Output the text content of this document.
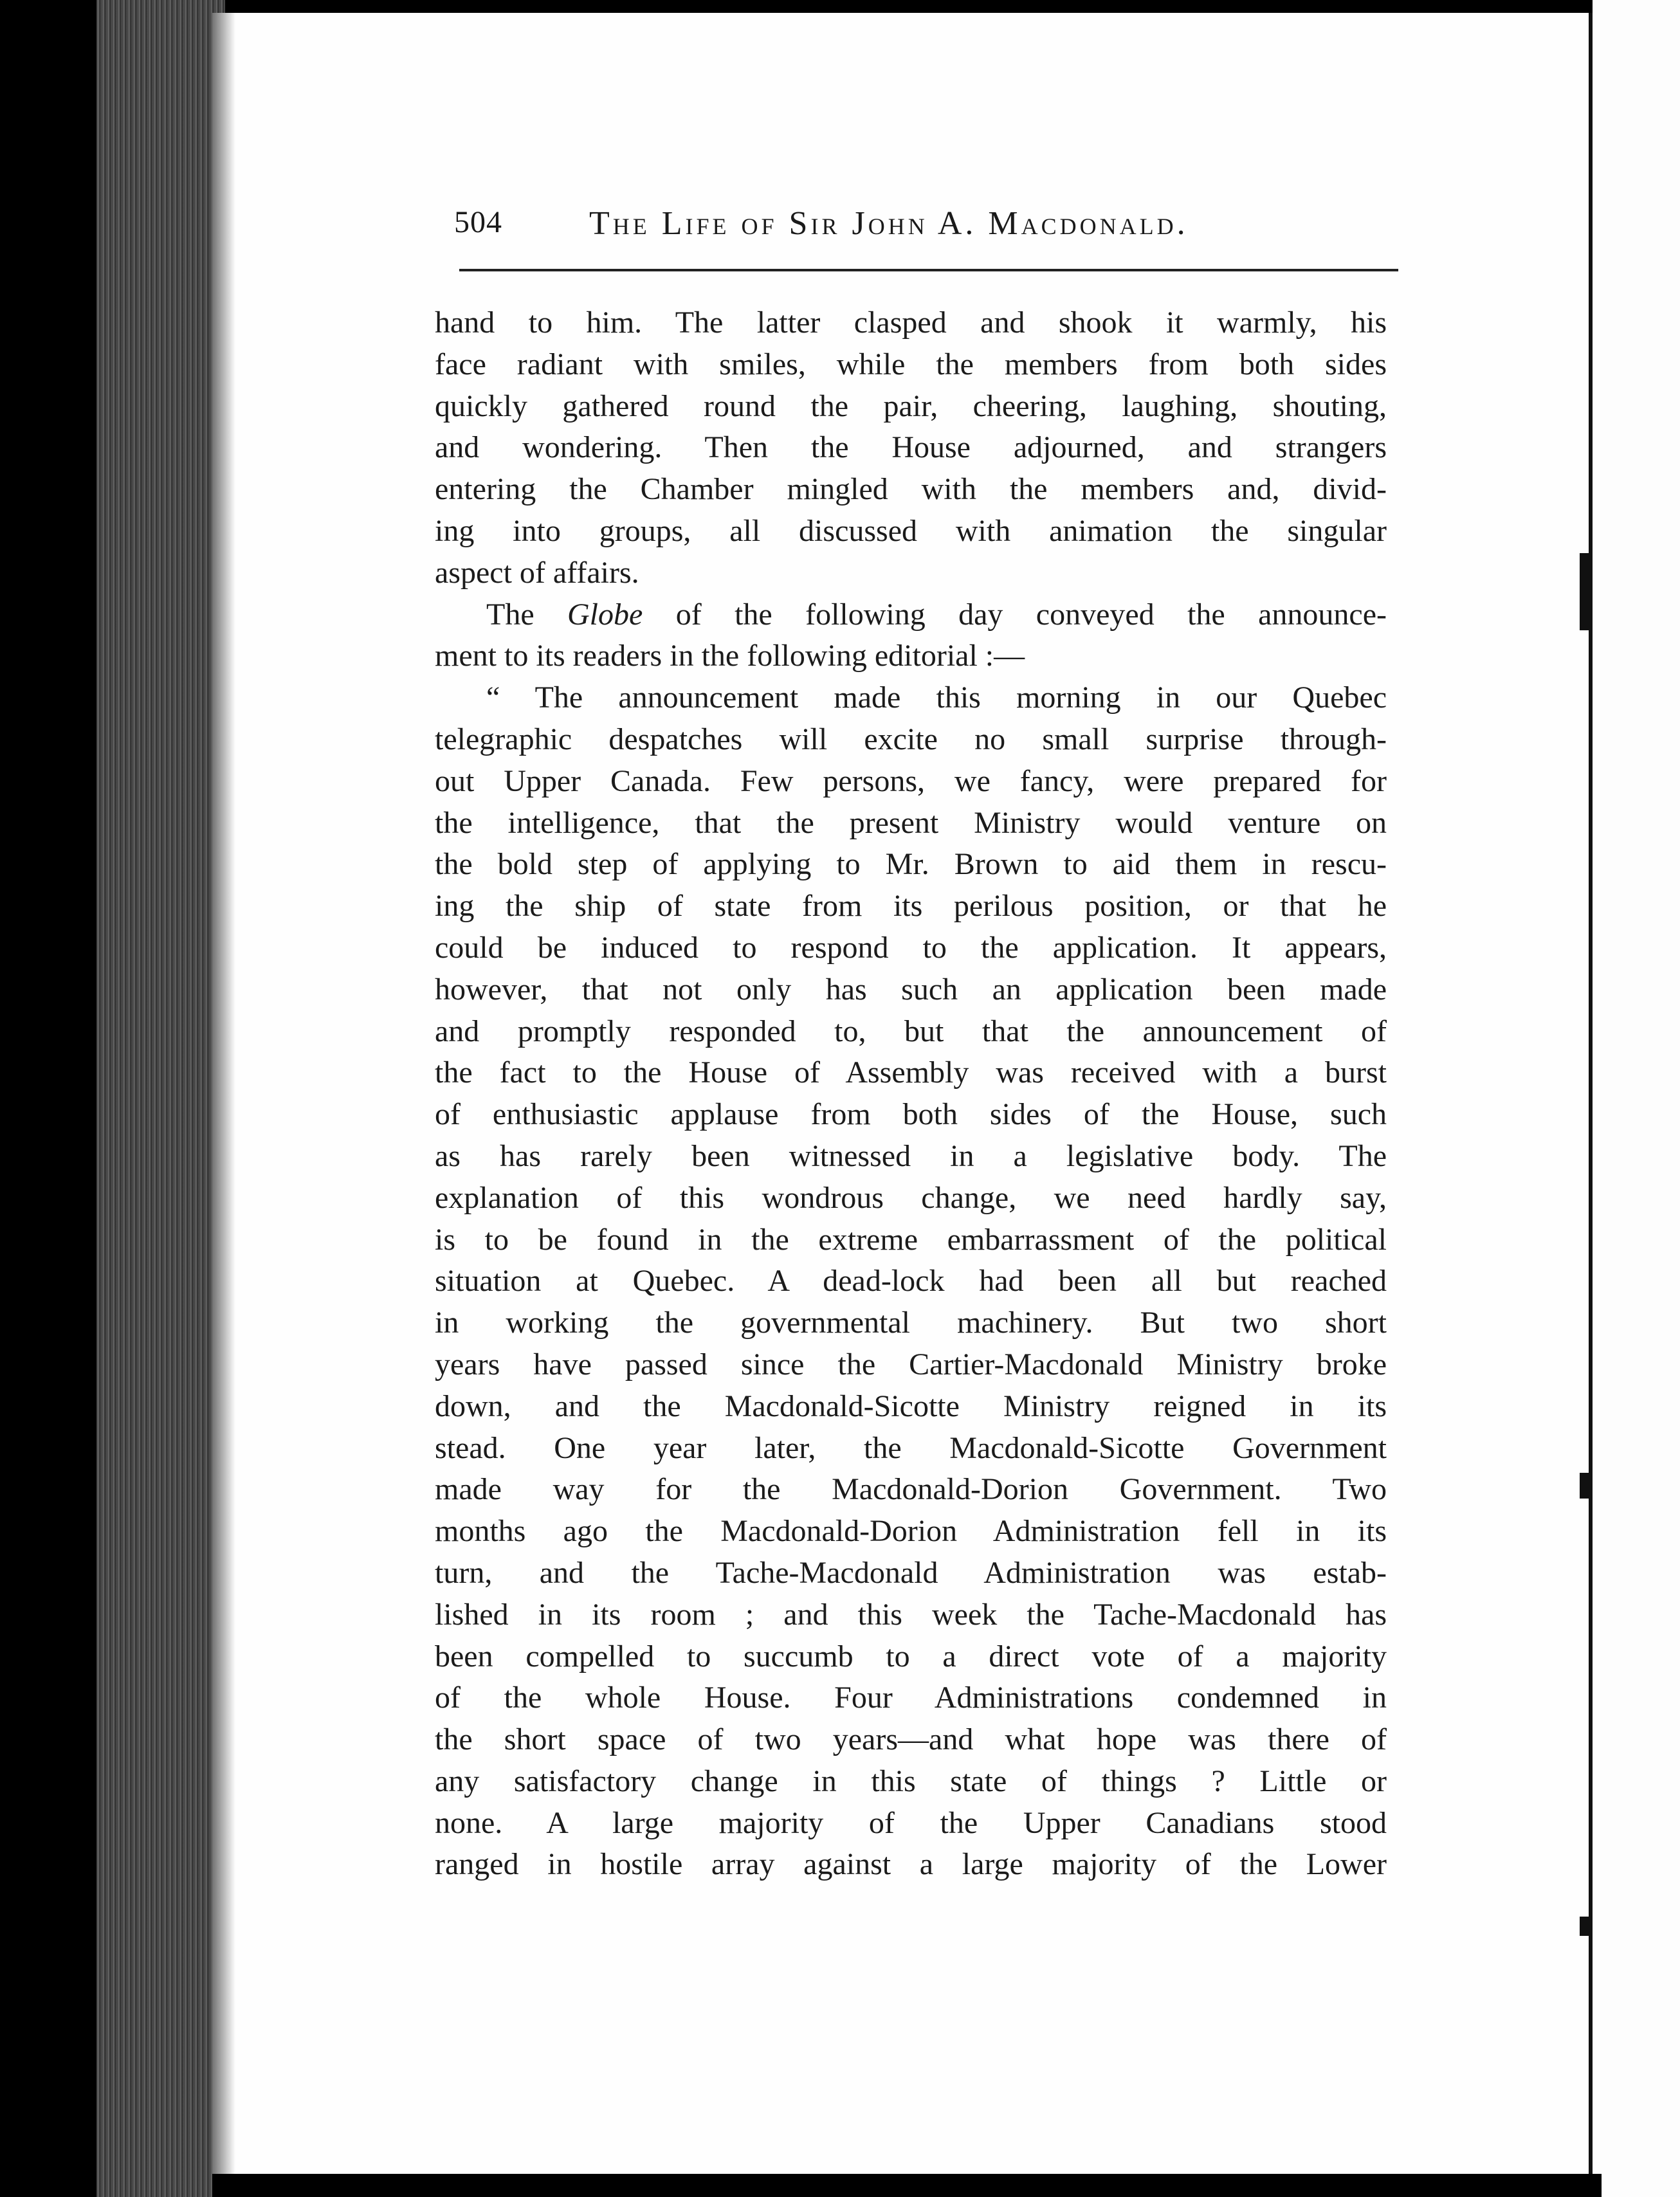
504	The Life of Sir John A. Macdonald.

hand to him. The latter clasped and shook it warmly, his
face radiant with smiles, while the members from both sides
quickly gathered round the pair, cheering, laughing, shouting,
and wondering. Then the House adjourned, and strangers
entering the Chamber mingled with the members and, divid-
ing into groups, all discussed with animation the singular
aspect of affairs.

The Globe of the following day conveyed the announce-
ment to its readers in the following editorial :—

“ The announcement made this morning in our Quebec
telegraphic despatches will excite no small surprise through-
out Upper Canada. Few persons, we fancy, were prepared for
the intelligence, that the present Ministry would venture on
the bold step of applying to Mr. Brown to aid them in rescu-
ing the ship of state from its perilous position, or that he
could be induced to respond to the application. It appears,
however, that not only has such an application been made
and promptly responded to, but that the announcement of
the fact to the House of Assembly was received with a burst
of enthusiastic applause from both sides of the House, such
as has rarely been witnessed in a legislative body. The
explanation of this wondrous change, we need hardly say,
is to be found in the extreme embarrassment of the political
situation at Quebec. A dead-lock had been all but reached
in working the governmental machinery. But two short
years have passed since the Cartier-Macdonald Ministry broke
down, and the Macdonald-Sicotte Ministry reigned in its
stead. One year later, the Macdonald-Sicotte Government
made way for the Macdonald-Dorion Government. Two
months ago the Macdonald-Dorion Administration fell in its
turn, and the Tache-Macdonald Administration was estab-
lished in its room ; and this week the Tache-Macdonald has
been compelled to succumb to a direct vote of a majority
of the whole House. Four Administrations condemned in
the short space of two years—and what hope was there of
any satisfactory change in this state of things ? Little or
none. A large majority of the Upper Canadians stood
ranged in hostile array against a large majority of the Lower
